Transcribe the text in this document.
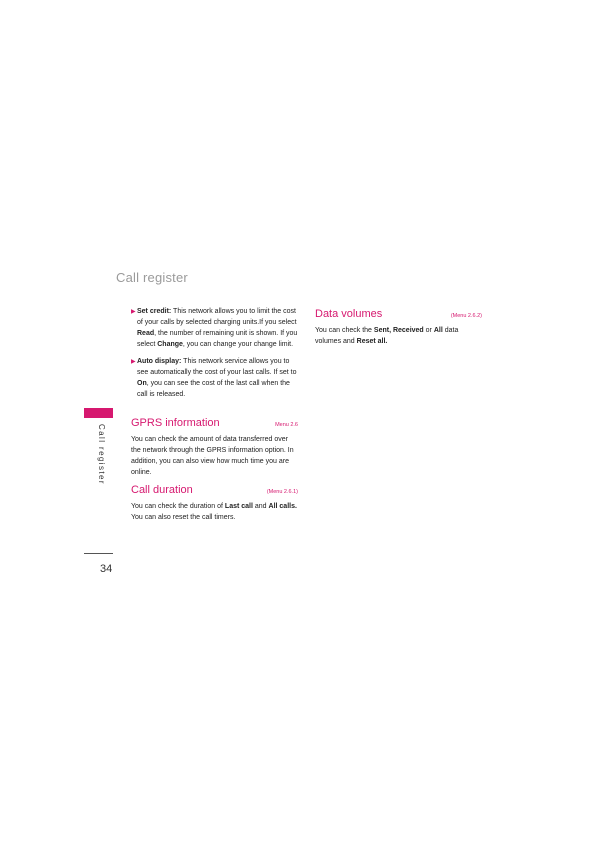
Call register
Call register
34
▶ Set credit: This network allows you to limit the cost of your calls by selected charging units.If you select Read, the number of remaining unit is shown. If you select Change, you can change your change limit.

▶ Auto display: This network service allows you to see automatically the cost of your last calls. If set to On, you can see the cost of the last call when the call is released.

GPRS information	Menu 2.6

You can check the amount of data transferred over the network through the GPRS information option. In addition, you can also view how much time you are online.

Call duration	(Menu 2.6.1)

You can check the duration of Last call and All calls. You can also reset the call timers.

Data volumes	(Menu 2.6.2)

You can check the Sent, Received or All data volumes and Reset all.
